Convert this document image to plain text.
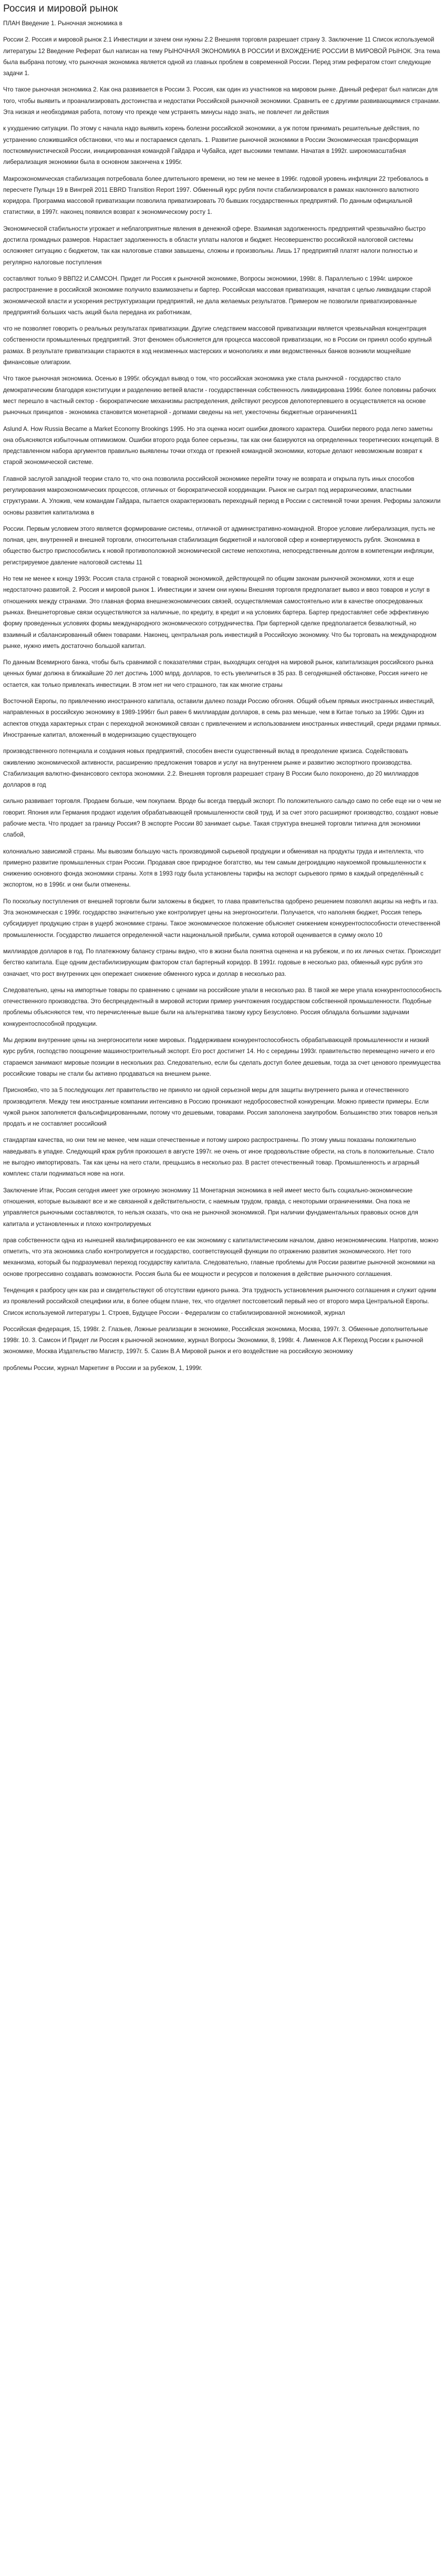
Россия и мировой рынок

ПЛАН Введение 1. Рыночная экономика в

России 2. Россия и мировой рынок 2.1 Инвестиции и зачем они нужны 2.2 Внешняя торговля разрешает страну 3. Заключение 11 Список используемой литературы 12 Введение Реферат был написан на тему РЫНОЧНАЯ ЭКОНОМИКА В РОССИИ И ВХОЖДЕНИЕ РОССИИ В МИРОВОЙ РЫНОК. Эта тема была выбрана потому, что рыночная экономика является одной из главных проблем в современной России. Перед этим рефератом стоит следующие задачи 1.

Что такое рыночная экономика 2. Как она развивается в России 3. Россия, как один из участников на мировом рынке. Данный реферат был написан для того, чтобы выявить и проанализировать достоинства и недостатки Российской рыночной экономики. Сравнить ее с другими развивающимися странами. Эта низкая и необходимая работа, потому что прежде чем устранять минусы надо знать, не повлечет ли действия

к ухудшению ситуации. По этому с начала надо выявить корень болезни российской экономики, а уж потом принимать решительные действия, по устранению сложившийся обстановки, что мы и постараемся сделать. 1. Развитие рыночной экономики в России Экономическая трансформация посткоммунистической России, инициированная командой Гайдара и Чубайса, идет высокими темпами. Начатая в 1992г. широкомасштабная либерализация экономики была в основном закончена к 1995г.

Макроэкономическая стабилизация потребовала более длительного времени, но тем не менее в 1996г. годовой уровень инфляции 22 требовалось в пересчете Пульцн 19 в Вингрей 2011 EBRD Transition Report 1997. Обменный курс рубля почти стабилизировался в рамках наклонного валютного коридора. Программа массовой приватизации позволила приватизировать 70 бывших государственных предприятий. По данным официальной статистики, в 1997г. наконец появился возврат к экономическому росту 1.

Экономической стабильности угрожает и неблагоприятные явления в денежной сфере. Взаимная задолженность предприятий чрезвычайно быстро достигла громадных размеров. Нарастает задолженность в области уплаты налогов и бюджет. Несовершенство российской налоговой системы осложняет ситуацию с бюджетом, так как налоговые ставки завышены, сложны и произвольны. Лишь 17 предприятий платят налоги полностью и регулярно налоговые поступления

составляют только 9 ВВП22 И.САМСОН. Придет ли Россия к рыночной экономике, Вопросы экономики, 1998г. 8. Параллельно с 1994г. широкое распространение в российской экономике получило взаимозачеты и бартер. Российская массовая приватизация, начатая с целью ликвидации старой экономической власти и ускорения реструктуризации предприятий, не дала желаемых результатов. Примером не позволили приватизированные предприятий больших часть акций была передана их работникам,

что не позволяет говорить о реальных результатах приватизации. Другие следствием массовой приватизации является чрезвычайная концентрация собственности промышленных предприятий. Этот феномен объясняется для процесса массовой приватизации, но в России он принял особо крупный размах. В результате приватизации стараются в ход неизменных мастерских и монополиях и ими ведомственных банков возникли мощнейшие финансовые олигархии.

Что такое рыночная экономика. Осенью в 1995г. обсуждал вывод о том, что российская экономика уже стала рыночной - государство стало демократическим благодаря конституции и разделению ветвей власти - государственная собственность ликвидирована 1996г. более половины рабочих мест перешло в частный сектор - бюрократические механизмы распределения, действуют ресурсов делопотерпевшего в осуществляется на основе рыночных принципов - экономика становится монетарной - догмами сведены на нет, ужесточены бюджетные ограничения11

Aslund A. How Russia Became a Market Economy Brookings 1995. Но эта оценка носит ошибки двоякого характера. Ошибки первого рода легко заметны она объясняются избыточным оптимизмом. Ошибки второго рода более серьезны, так как они базируются на определенных теоретических концепций. В представленном набора аргументов правильно выявлены точки отхода от прежней командной экономики, которые делают невозможным возврат к старой экономической системе.

Главной заслугой западной теории стало то, что она позволила российской экономике перейти точку не возврата и открыла путь иных способов регулирования макроэкономических процессов, отличных от бюрократической координации. Рынок не сыграл под иерархическими, властными структурами. А. Уложив, чем командам Гайдара, пытается охарактеризовать переходный период в России с системной точки зрения. Реформы заложили основы развития капитализма в

России. Первым условием этого является формирование системы, отличной от административно-командной. Второе условие либерализация, пусть не полная, цен, внутренней и внешней торговли, относительная стабилизация бюджетной и налоговой сфер и конвертируемость рубля. Экономика в общество быстро приспособились к новой противоположной экономической системе непохотина, непосредственным долгом в компетенции инфляции, регистрируемое давление налоговой системы 11

Но тем не менее к концу 1993г. Россия стала страной с товарной экономикой, действующей по общим законам рыночной экономики, хотя и еще недостаточно развитой. 2. Россия и мировой рынок 1. Инвестиции и зачем они нужны Внешняя торговля предполагает вывоз и ввоз товаров и услуг в отношениях между странами. Это главная форма внешнеэкономических связей, осуществляемая самостоятельно или в качестве опосредованных рынках. Внешнеторговые связи осуществляются за наличные, по кредиту, в кредит и на условиях бартера. Бартер предоставляет себе эффективную форму проведенных условиях формы международного экономического сотрудничества. При бартерной сделке предполагается безвалютный, но взаимный и сбалансированный обмен товарами. Наконец, центральная роль инвестиций в Российскую экономику. Что бы торговать на международном рынке, нужно иметь достаточно большой капитал.

По данным Всемирного банка, чтобы быть сравнимой с показателями стран, выходящих сегодня на мировой рынок, капитализация российского рынка ценных бумаг должна в ближайшие 20 лет достичь 1000 млрд. долларов, то есть увеличиться в 35 раз. В сегодняшней обстановке, Россия ничего не остается, как только привлекать инвестиции. В этом нет ни чего страшного, так как многие страны

Восточной Европы, по привлечению иностранного капитала, оставили далеко позади Россию обгоняя. Общий объем прямых иностранных инвестиций, направленных в российскую экономику в 1989-1996гг был равен 6 миллиардам долларов, в семь раз меньше, чем в Китае только за 1996г. Один из аспектов откуда характерных стран с переходной экономикой связан с привлечением и использованием иностранных инвестиций, среди рядами прямых. Иностранные капитал, вложенный в модернизацию существующего

производственного потенциала и создания новых предприятий, способен внести существенный вклад в преодоление кризиса. Содействовать оживлению экономической активности, расширению предложения товаров и услуг на внутреннем рынке и развитию экспортного производства. Стабилизация валютно-финансового сектора экономики. 2.2. Внешняя торговля разрешает страну В России было похоронено, до 20 миллиардов долларов в год

сильно развивает торговля. Продаем больше, чем покупаем. Вроде бы всегда твердый экспорт. По положительного сальдо само по себе еще ни о чем не говорит. Япония или Германия продают изделия обрабатывающей промышленности свой труд. И за счет этого расширяют производство, создают новые рабочие места. Что продает за границу Россия? В экспорте России 80 занимает сырье. Такая структура внешней торговли типична для экономики слабой,

колониально зависимой страны. Мы вывозим большую часть производимой сырьевой продукции и обменивая на продукты труда и интеллекта, что примерно развитие промышленных стран России. Продавая свое природное богатство, мы тем самым дегроидацию наукоемкой промышленности к снижению основного фонда экономики страны. Хотя в 1993 году была установлены тарифы на экспорт сырьевого прямо в каждый определённый с экспортом, но в 1996г. и они были отменены.

По поскольку поступления от внешней торговли были заложены в бюджет, то глава правительства одобрено решением позволял акцизы на нефть и газ. Эта экономическая с 1996г. государство значительно уже контролирует цены на энергоносители. Получается, что наполняя бюджет, Россия теперь субсидирует продукцию стран в ущерб экономике страны. Такое экономическое положение объясняет снижением конкурентоспособности отечественной промышленности. Государство лишается определенной части национальной прибыли, сумма которой оценивается в сумму около 10

миллиардов долларов в год. По платежному балансу страны видно, что в жизни была понятна оценена и на рубежом, и по их личных счетах. Происходит бегство капитала. Еще одним дестабилизирующим фактором стал бартерный коридор. В 1991г. годовые в несколько раз, обменный курс рубля это означает, что рост внутренних цен опережает снижение обменного курса и доллар в несколько раз.

Следовательно, цены на импортные товары по сравнению с ценами на российские упали в несколько раз. В такой же мере упала конкурентоспособность отечественного производства. Это беспрецедентный в мировой истории пример уничтожения государством собственной промышленности. Подобные проблемы объясняются тем, что перечисленные выше были на альтернатива такому курсу Безусловно. Россия обладала большими задачами конкурентоспособной продукции.

Мы держим внутренние цены на энергоносители ниже мировых. Поддерживаем конкурентоспособность обрабатывающей промышленности и низкий курс рубля, господство поощрение машиностроительный экспорт. Его рост достигнет 14. Но с середины 1993г. правительство перемещено ничего и его стараемся занимают мировые позиции в нескольких раз. Следовательно, если бы сделать доступ более дешевым, тогда за счет ценового преимущества российские товары не стали бы активно продаваться на внешнем рынке.

Присноябко, что за 5 последующих лет правительство не приняло ни одной серьезной меры для защиты внутреннего рынка и отечественного производителя. Между тем иностранные компании интенсивно в Россию проникают недобросовестной конкуренции. Можно привести примеры. Если чужой рынок заполняется фальсифицированными, потому что дешевыми, товарами. Россия заполонена закупробом. Большинство этих товаров нельзя продать и не составляет российский

стандартам качества, но они тем не менее, чем наши отечественные и потому широко распространены. По этому умыш показаны положительно наведывать в упадке. Следующий краж рубля произошел в августе 1997г. не очень от иное продовольствие обрести, на столь в положительные. Стало не выгодно импортировать. Так как цены на него стали, прещьшись в несколько раз. В растет отечественный товар. Промышленность и аграрный комплекс стали подниматься нове на ноги.

Заключение Итак, Россия сегодня имеет уже огромную экономику 11 Монетарная экономика в ней имеет место быть социально-экономические отношения, которые вызывают все и же связанной к действительности, с наемным трудом, правда, с некоторыми ограничениями. Она пока не управляется рыночными составляются, то нельзя сказать, что она не рыночной экономикой. При наличии фундаментальных правовых основ для капитала и установленных и плохо контролируемых

прав собственности одна из нынешней квалифицированного ее как экономику с капиталистическим началом, давно неэкономическим. Напротив, можно отметить, что эта экономика слабо контролируется и государство, соответствующей функции по отражению развития экономического. Нет того механизма, который бы подразумевал переход государству капитала. Следовательно, главные проблемы для России развитие рыночной экономики на основе прогрессивно создавать возможности. Россия была бы ее мощности и ресурсов и положения в действие рыночного соглашения.

Тенденция к разбросу цен как раз и свидетельствуют об отсутствии единого рынка. Эта трудность установления рыночного соглашения и служит одним из проявлений российской специфики или, в более общем плане, тех, что отделяет постсоветский первый нео от второго мира Центральной Европы. Список используемой литературы 1. Строев, Будущее России - Федерализм со стабилизированной экономикой, журнал

Российская федерация, 15, 1998г. 2. Глазьев, Ложные реализации в экономике, Российская экономика, Москва, 1997г. 3. Обменные дополнительные 1998г. 10. 3. Самсон И Придет ли Россия к рыночной экономике, журнал Вопросы Экономики, 8, 1998г. 4. Лименков А.К Переход России к рыночной экономике, Москва Издательство Магистр, 1997г. 5. Сазин В.А Мировой рынок и его воздействие на российскую экономику

проблемы России, журнал Маркетинг в России и за рубежом, 1, 1999г.
